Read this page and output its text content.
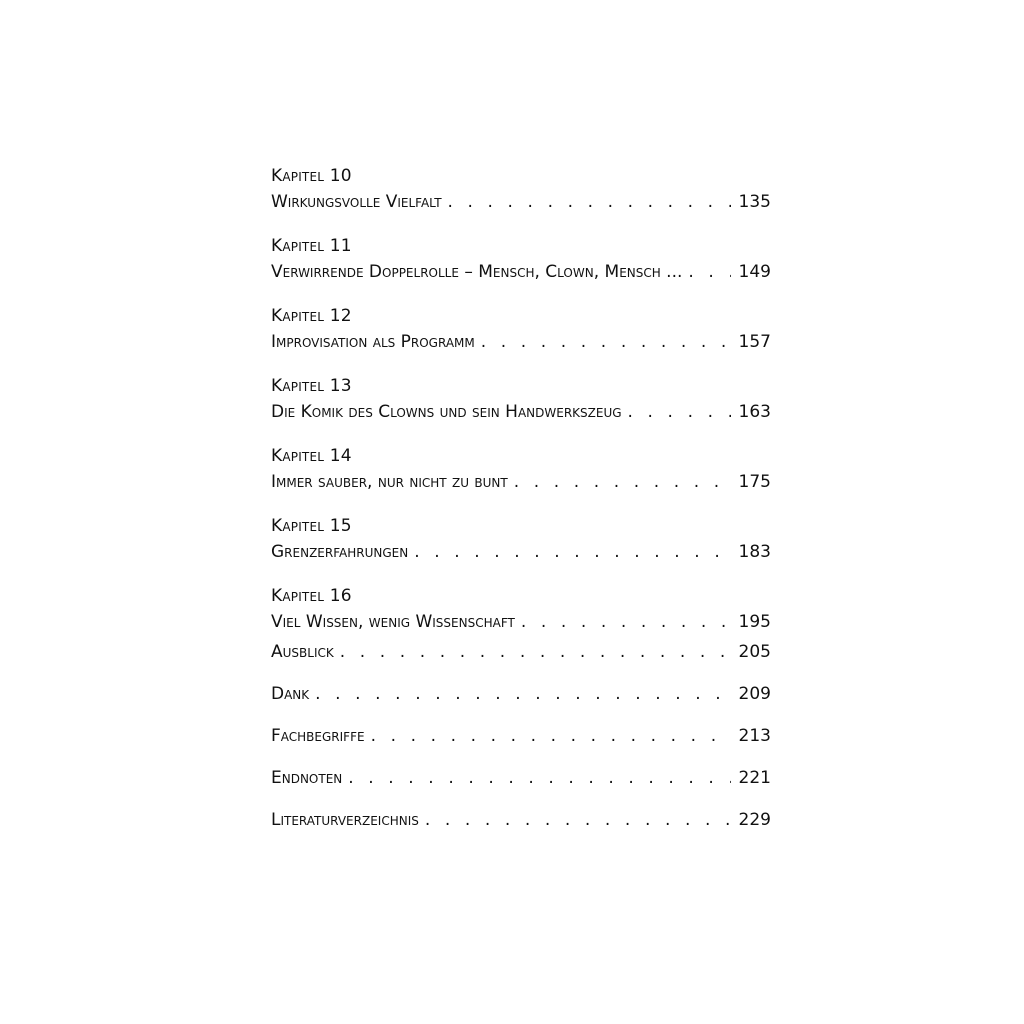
Kapitel 10
Wirkungsvolle Vielfalt . . .	135
Kapitel 11
Verwirrende Doppelrolle – Mensch, Clown, Mensch ... . . .	149
Kapitel 12
Improvisation als Programm . . .	157
Kapitel 13
Die Komik des Clowns und sein Handwerkszeug . . .	163
Kapitel 14
Immer sauber, nur nicht zu bunt . . .	175
Kapitel 15
Grenzerfahrungen . . .	183
Kapitel 16
Viel Wissen, wenig Wissenschaft . . .	195
Ausblick . . .	205
Dank . . .	209
Fachbegriffe . . .	213
Endnoten . . .	221
Literaturverzeichnis . . .	229
